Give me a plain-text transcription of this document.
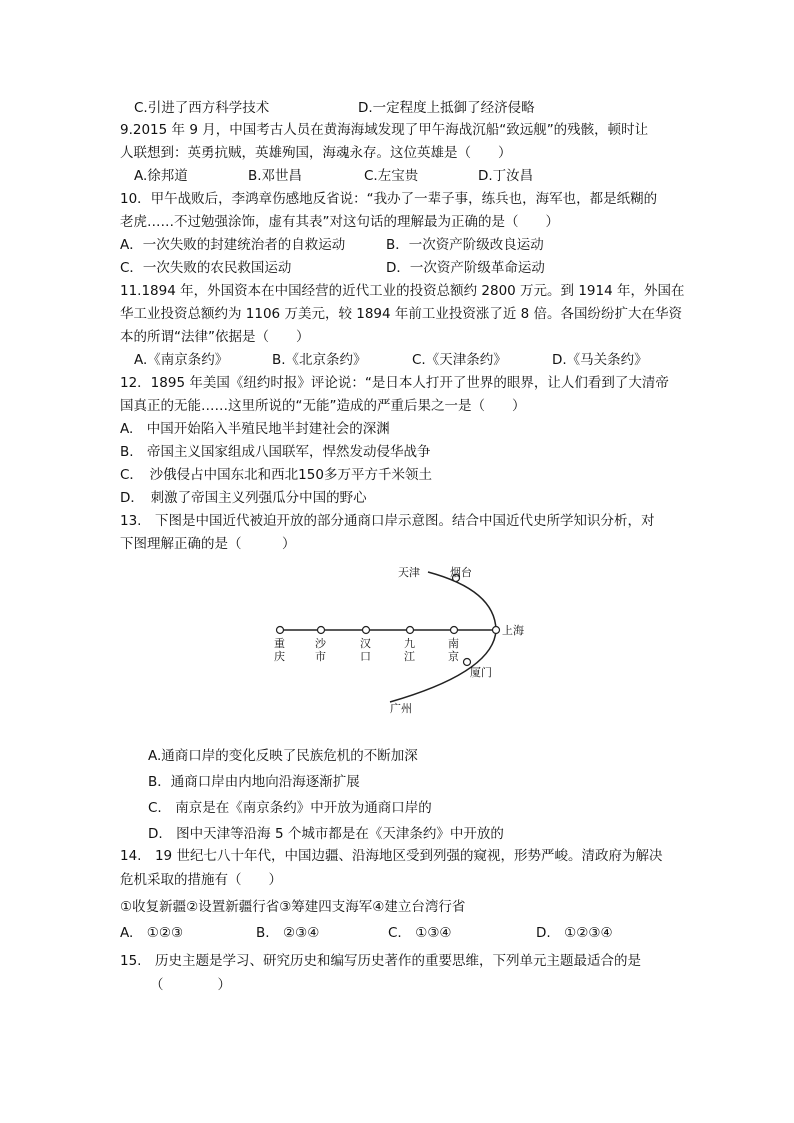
C.引进了西方科学技术	D.一定程度上抵御了经济侵略
9.2015 年 9 月，中国考古人员在黄海海域发现了甲午海战沉船“致远舰”的残骸，顿时让
人联想到：英勇抗贼，英雄殉国，海魂永存。这位英雄是（　　）
A.徐邦道	B.邓世昌	C.左宝贵	D.丁汝昌
10．甲午战败后，李鸿章伤感地反省说：“我办了一辈子事，练兵也，海军也，都是纸糊的
老虎……不过勉强涂饰，虚有其表”对这句话的理解最为正确的是（　　）
A．一次失败的封建统治者的自救运动	B．一次资产阶级改良运动
C．一次失败的农民救国运动	D．一次资产阶级革命运动
11.1894 年，外国资本在中国经营的近代工业的投资总额约 2800 万元。到 1914 年，外国在
华工业投资总额约为 1106 万美元，较 1894 年前工业投资涨了近 8 倍。各国纷纷扩大在华资
本的所谓“法律”依据是（　　）
A.《南京条约》	B.《北京条约》	C.《天津条约》	D.《马关条约》
12．1895 年美国《纽约时报》评论说：“是日本人打开了世界的眼界，让人们看到了大清帝
国真正的无能……这里所说的“无能”造成的严重后果之一是（　　）
A.　中国开始陷入半殖民地半封建社会的深渊
B.　帝国主义国家组成八国联军，悍然发动侵华战争
C．　沙俄侵占中国东北和西北150多万平方千米领土
D．　刺激了帝国主义列强瓜分中国的野心
13.　下图是中国近代被迫开放的部分通商口岸示意图。结合中国近代史所学知识分析，对
下图理解正确的是（　　　）
天津	烟台
上海
厦门
广州
重
庆
沙
市
汉
口
九
江
南
京
A.通商口岸的变化反映了民族危机的不断加深
B．通商口岸由内地向沿海逐渐扩展
C.　南京是在《南京条约》中开放为通商口岸的
D.　图中天津等沿海 5 个城市都是在《天津条约》中开放的
14.　19 世纪七八十年代，中国边疆、沿海地区受到列强的窥视，形势严峻。清政府为解决
危机采取的措施有（　　）
①收复新疆②设置新疆行省③筹建四支海军④建立台湾行省
A.　①②③	B.　②③④	C.　①③④	D.　①②③④
15.　历史主题是学习、研究历史和编写历史著作的重要思维，下列单元主题最适合的是
（　　　　）
